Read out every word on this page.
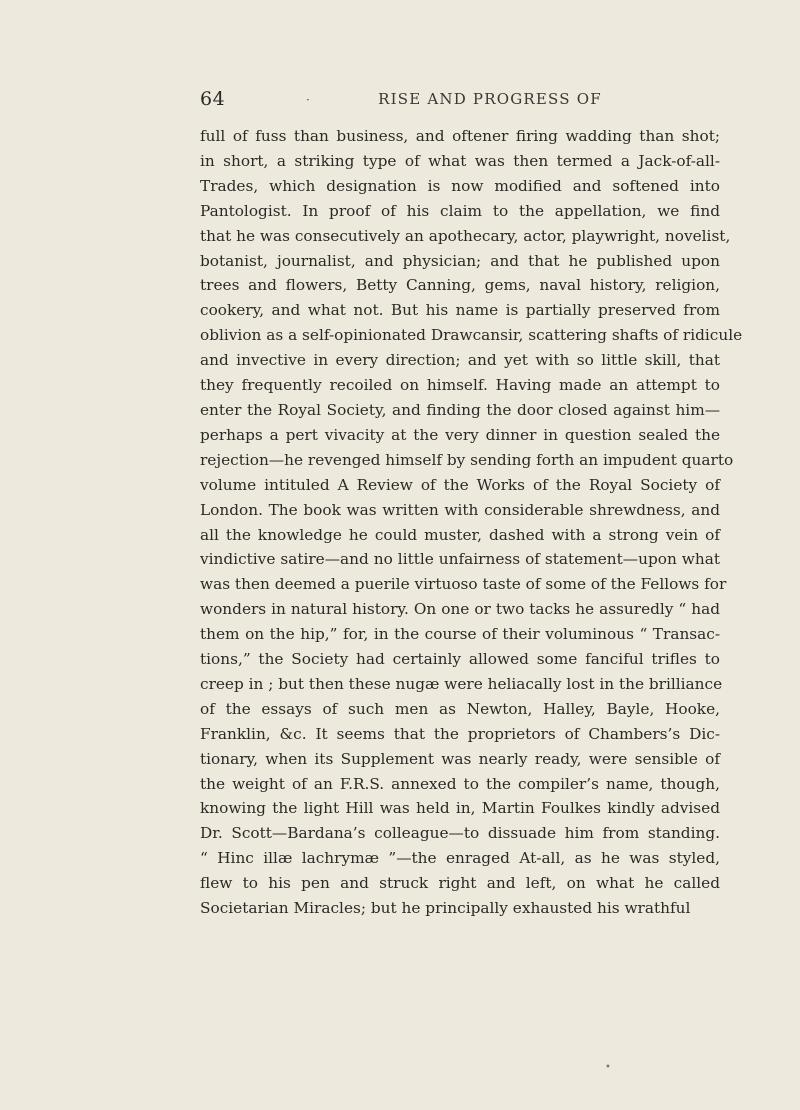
64	·	RISE AND PROGRESS OF
full of fuss than business, and oftener firing wadding than shot;
in short, a striking type of what was then termed a Jack-of-all-
Trades, which designation is now modified and softened into
Pantologist. In proof of his claim to the appellation, we find
that he was consecutively an apothecary, actor, playwright, novelist,
botanist, journalist, and physician; and that he published upon
trees and flowers, Betty Canning, gems, naval history, religion,
cookery, and what not. But his name is partially preserved from
oblivion as a self-opinionated Drawcansir, scattering shafts of ridicule
and invective in every direction; and yet with so little skill, that
they frequently recoiled on himself. Having made an attempt to
enter the Royal Society, and finding the door closed against him—
perhaps a pert vivacity at the very dinner in question sealed the
rejection—he revenged himself by sending forth an impudent quarto
volume intituled A Review of the Works of the Royal Society of
London. The book was written with considerable shrewdness, and
all the knowledge he could muster, dashed with a strong vein of
vindictive satire—and no little unfairness of statement—upon what
was then deemed a puerile virtuoso taste of some of the Fellows for
wonders in natural history. On one or two tacks he assuredly “ had
them on the hip,” for, in the course of their voluminous “ Transac-
tions,” the Society had certainly allowed some fanciful trifles to
creep in ; but then these nugæ were heliacally lost in the brilliance
of the essays of such men as Newton, Halley, Bayle, Hooke,
Franklin, &c. It seems that the proprietors of Chambers’s Dic-
tionary, when its Supplement was nearly ready, were sensible of
the weight of an F.R.S. annexed to the compiler’s name, though,
knowing the light Hill was held in, Martin Foulkes kindly advised
Dr. Scott—Bardana’s colleague—to dissuade him from standing.
“ Hinc illæ lachrymæ ”—the enraged At-all, as he was styled,
flew to his pen and struck right and left, on what he called
Societarian Miracles; but he principally exhausted his wrathful
•
